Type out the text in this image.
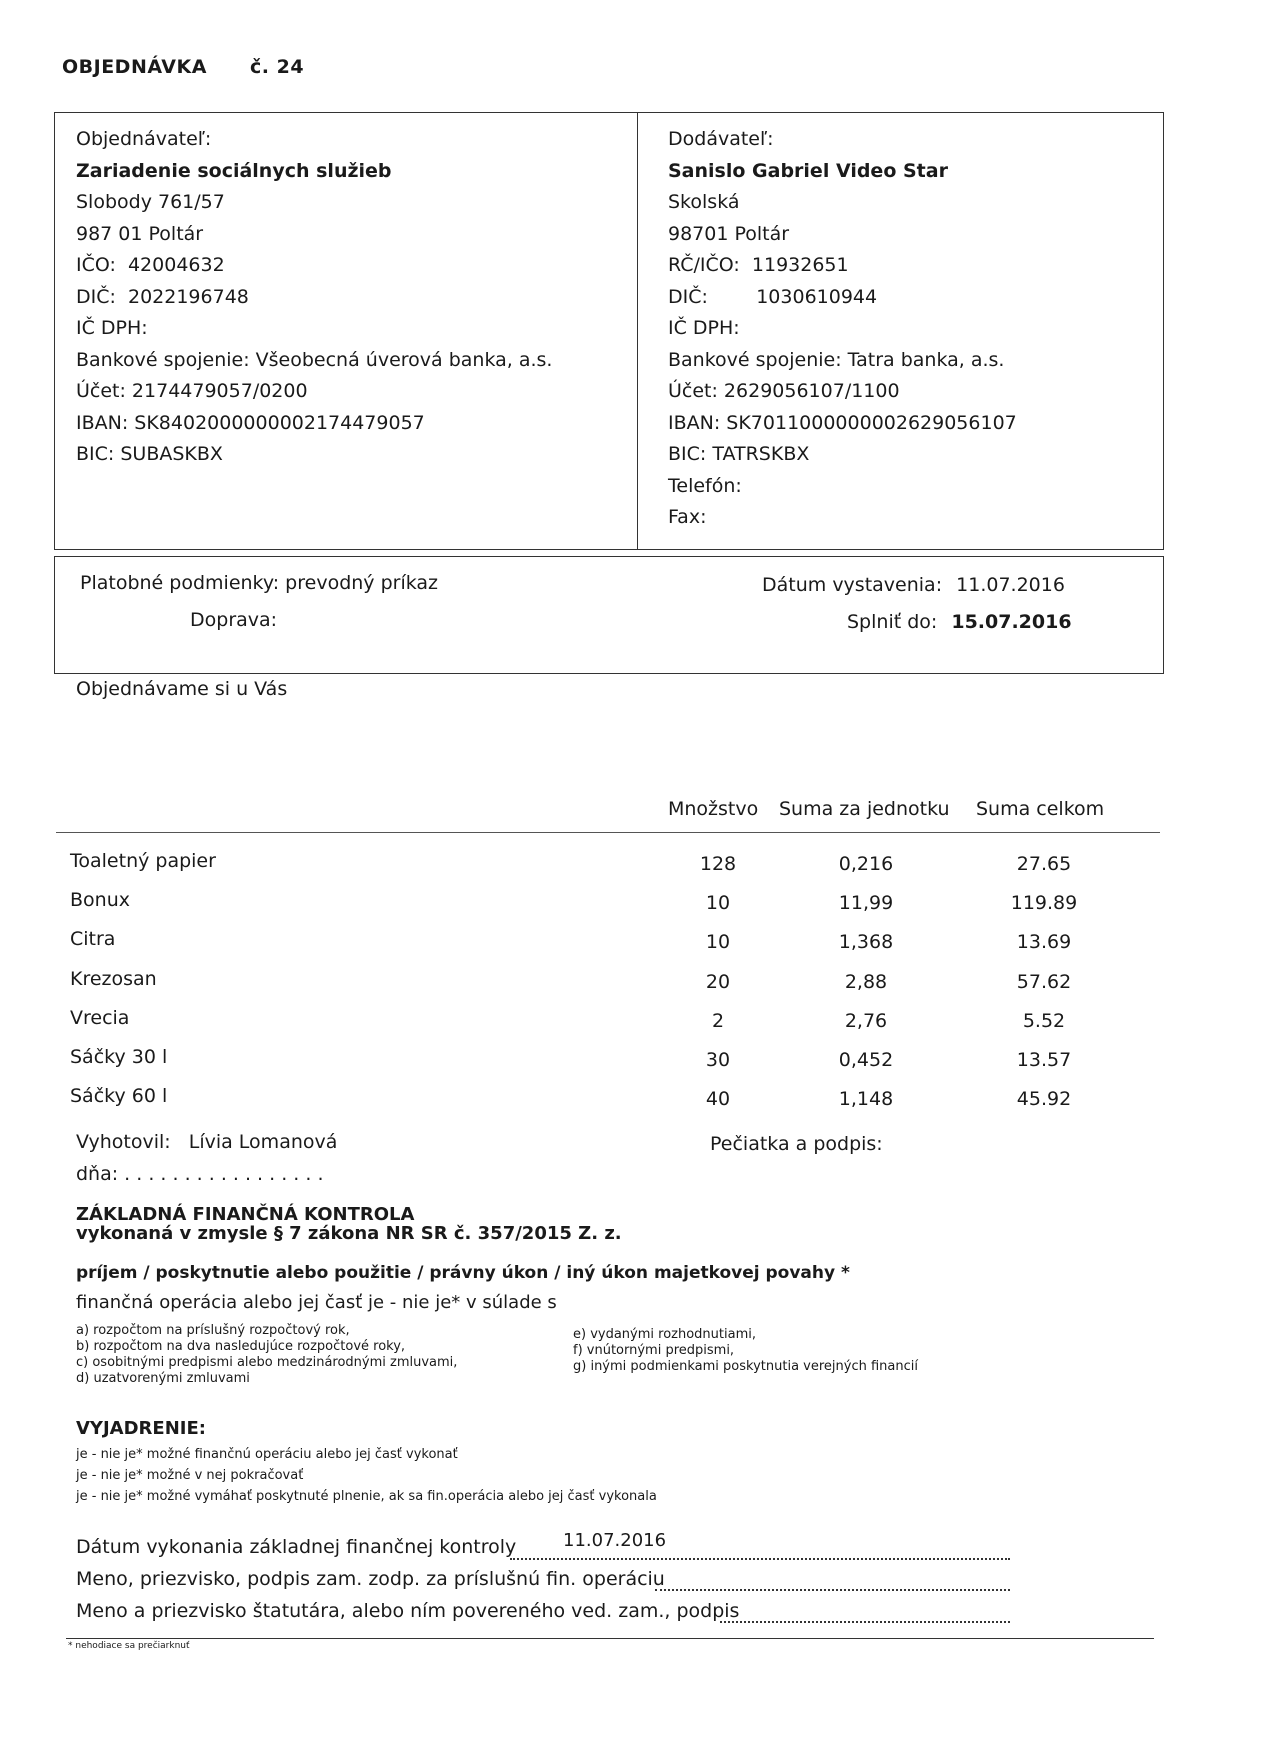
OBJEDNÁVKA č. 24
Objednávateľ:
Zariadenie sociálnych služieb
Slobody 761/57
987 01 Poltár
IČO:  42004632
DIČ:  2022196748
IČ DPH:
Bankové spojenie: Všeobecná úverová banka, a.s.
Účet: 2174479057/0200
IBAN: SK8402000000002174479057
BIC: SUBASKBX
Dodávateľ:
Sanislo Gabriel Video Star
Skolská
98701 Poltár
RČ/IČO:  11932651
DIČ:        1030610944
IČ DPH:
Bankové spojenie: Tatra banka, a.s.
Účet: 2629056107/1100
IBAN: SK7011000000002629056107
BIC: TATRSKBX
Telefón:
Fax:
Platobné podmienky: prevodný príkaz
Doprava:
Dátum vystavenia: 11.07.2016
Splniť do: 15.07.2016
Objednávame si u Vás
Množstvo Suma za jednotku Suma celkom
Toaletný papier	128	0,216	27.65
Bonux	10	11,99	119.89
Citra	10	1,368	13.69
Krezosan	20	2,88	57.62
Vrecia	2	2,76	5.52
Sáčky 30 l	30	0,452	13.57
Sáčky 60 l	40	1,148	45.92
Vyhotovil: Lívia Lomanová
dňa: . . . . . . . . . . . . . . . . .
Pečiatka a podpis:
ZÁKLADNÁ FINANČNÁ KONTROLA
vykonaná v zmysle § 7 zákona NR SR č. 357/2015 Z. z.
príjem / poskytnutie alebo použitie / právny úkon / iný úkon majetkovej povahy *
finančná operácia alebo jej časť je - nie je* v súlade s
a) rozpočtom na príslušný rozpočtový rok,
b) rozpočtom na dva nasledujúce rozpočtové roky,
c) osobitnými predpismi alebo medzinárodnými zmluvami,
d) uzatvorenými zmluvami
e) vydanými rozhodnutiami,
f) vnútornými predpismi,
g) inými podmienkami poskytnutia verejných financií
VYJADRENIE:
je - nie je* možné finančnú operáciu alebo jej časť vykonať
je - nie je* možné v nej pokračovať
je - nie je* možné vymáhať poskytnuté plnenie, ak sa fin.operácia alebo jej časť vykonala
Dátum vykonania základnej finančnej kontroly	11.07.2016
Meno, priezvisko, podpis zam. zodp. za príslušnú fin. operáciu
Meno a priezvisko štatutára, alebo ním povereného ved. zam., podpis
* nehodiace sa prečiarknuť
